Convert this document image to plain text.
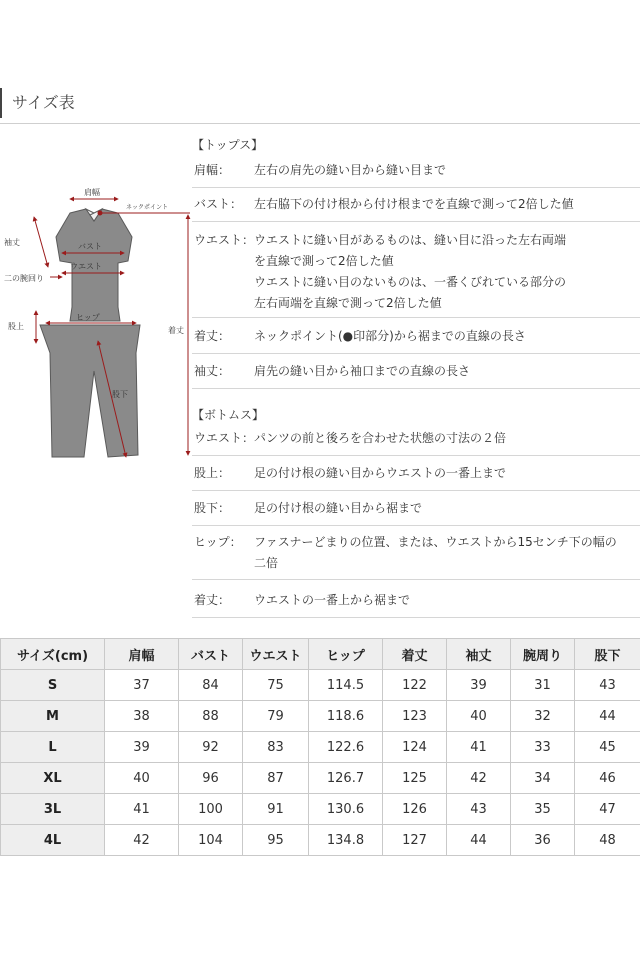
サイズ表
肩幅
ネックポイント
袖丈	バスト
ウエスト
二の腕回り
股上
ヒップ
着丈
股下
【トップス】
肩幅： 左右の肩先の縫い目から縫い目まで
バスト： 左右脇下の付け根から付け根までを直線で測って2倍した値
ウエスト： ウエストに縫い目があるものは、縫い目に沿った左右両端
を直線で測って2倍した値
ウエストに縫い目のないものは、一番くびれている部分の
左右両端を直線で測って2倍した値
着丈： ネックポイント(●印部分)から裾までの直線の長さ
袖丈： 肩先の縫い目から袖口までの直線の長さ
【ボトムス】
ウエスト： パンツの前と後ろを合わせた状態の寸法の２倍
股上： 足の付け根の縫い目からウエストの一番上まで
股下： 足の付け根の縫い目から裾まで
ヒップ： ファスナーどまりの位置、または、ウエストから15センチ下の幅の
二倍
着丈： ウエストの一番上から裾まで
サイズ(cm)	肩幅	バスト	ウエスト	ヒップ	着丈	袖丈	腕周り	股下
S	37	84	75	114.5	122	39	31	43
M	38	88	79	118.6	123	40	32	44
L	39	92	83	122.6	124	41	33	45
XL	40	96	87	126.7	125	42	34	46
3L	41	100	91	130.6	126	43	35	47
4L	42	104	95	134.8	127	44	36	48
